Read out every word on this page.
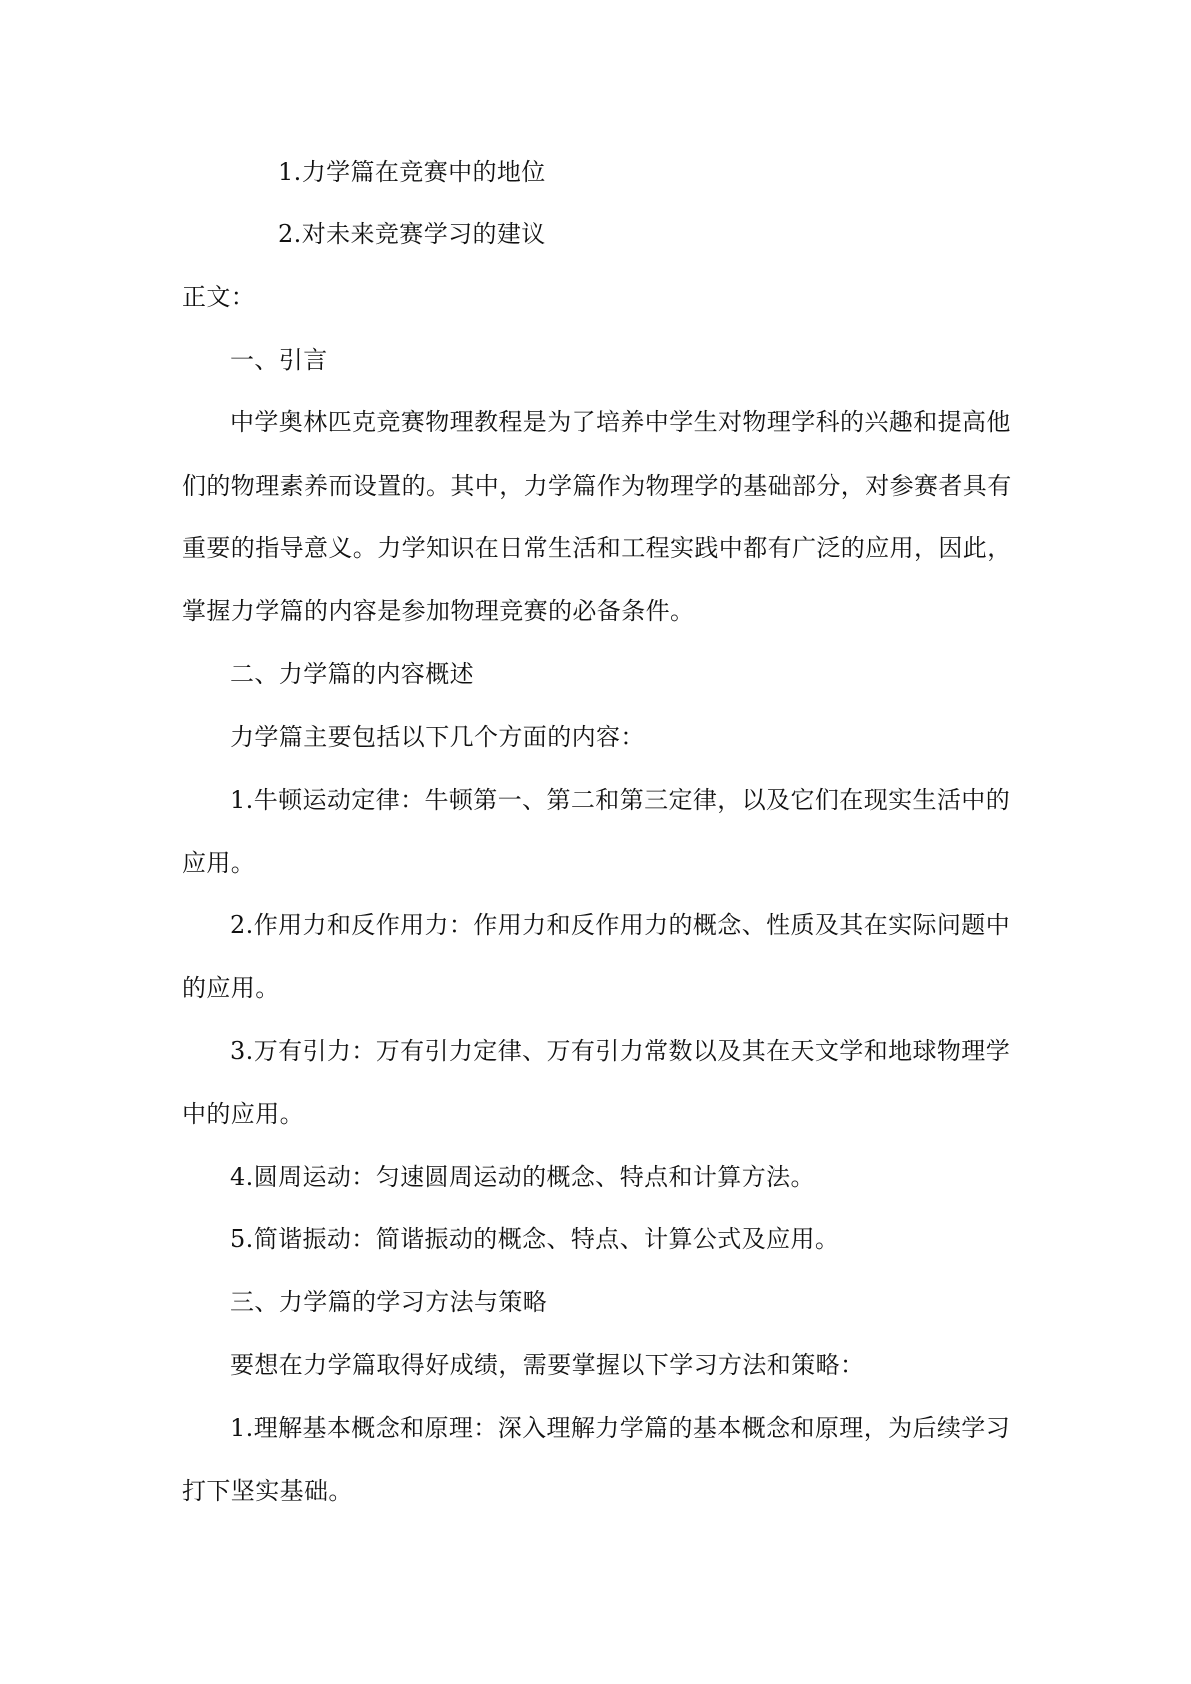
1.力学篇在竞赛中的地位
2.对未来竞赛学习的建议
正文：
一、引言
中学奥林匹克竞赛物理教程是为了培养中学生对物理学科的兴趣和提高他
们的物理素养而设置的。其中，力学篇作为物理学的基础部分，对参赛者具有
重要的指导意义。力学知识在日常生活和工程实践中都有广泛的应用，因此，
掌握力学篇的内容是参加物理竞赛的必备条件。
二、力学篇的内容概述
力学篇主要包括以下几个方面的内容：
1.牛顿运动定律：牛顿第一、第二和第三定律，以及它们在现实生活中的
应用。
2.作用力和反作用力：作用力和反作用力的概念、性质及其在实际问题中
的应用。
3.万有引力：万有引力定律、万有引力常数以及其在天文学和地球物理学
中的应用。
4.圆周运动：匀速圆周运动的概念、特点和计算方法。
5.简谐振动：简谐振动的概念、特点、计算公式及应用。
三、力学篇的学习方法与策略
要想在力学篇取得好成绩，需要掌握以下学习方法和策略：
1.理解基本概念和原理：深入理解力学篇的基本概念和原理，为后续学习
打下坚实基础。
